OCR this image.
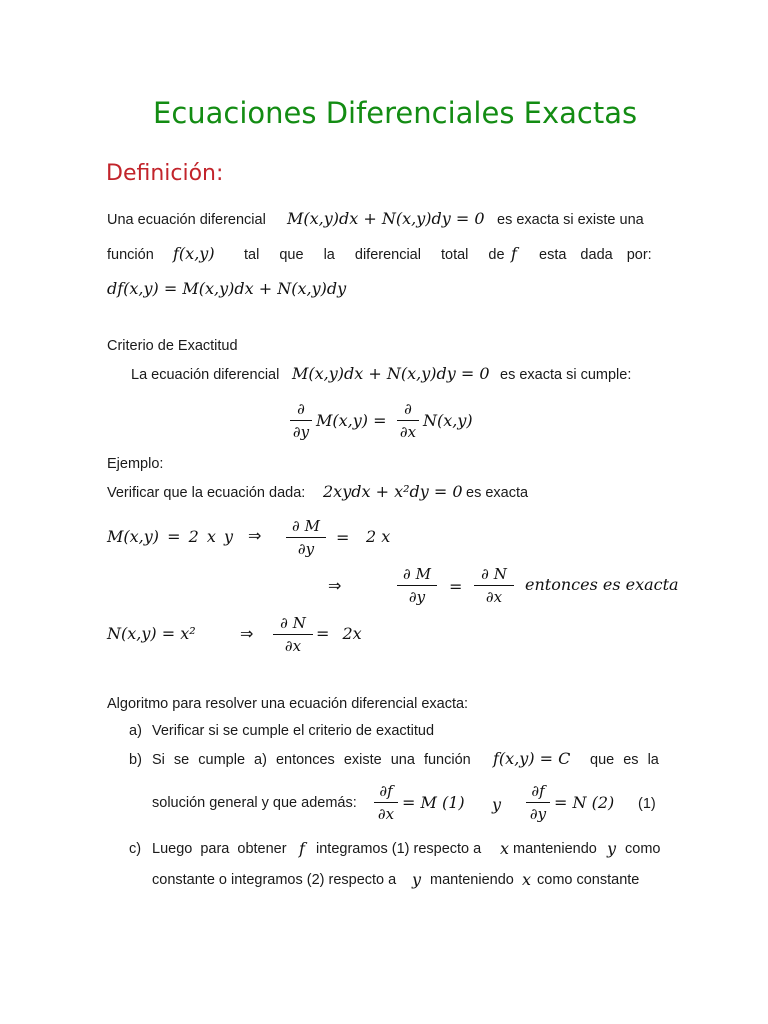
Ecuaciones Diferenciales Exactas
Definición:
Una ecuación diferencial M(x,y)dx + N(x,y)dy = 0 es exacta si existe una
función f(x,y) tal que la diferencial total de f esta dada por:
df(x,y) = M(x,y)dx + N(x,y)dy
Criterio de Exactitud
La ecuación diferencial M(x,y)dx + N(x,y)dy = 0 es exacta si cumple:
∂
∂y
M(x,y) =
∂
∂x
N(x,y)
Ejemplo:
Verificar que la ecuación dada: 2xydx + x²dy = 0 es exacta
M(x,y) = 2 x y ⇒	∂ M
∂y
= 2 x
⇒
∂ M
∂y
=
∂ N
∂x
entonces es exacta
N(x,y) = x²	⇒
∂ N
∂x
= 2x
Algoritmo para resolver una ecuación diferencial exacta:
a) Verificar si se cumple el criterio de exactitud
b) Si se cumple a) entonces existe una función f(x,y) = C que es la
solución general y que además:
∂f
∂x
= M (1) y
∂f
∂y
= N (2) (1)
c) Luego para obtener f integramos (1) respecto a x manteniendo y como
constante o integramos (2) respecto a y manteniendo x como constante
